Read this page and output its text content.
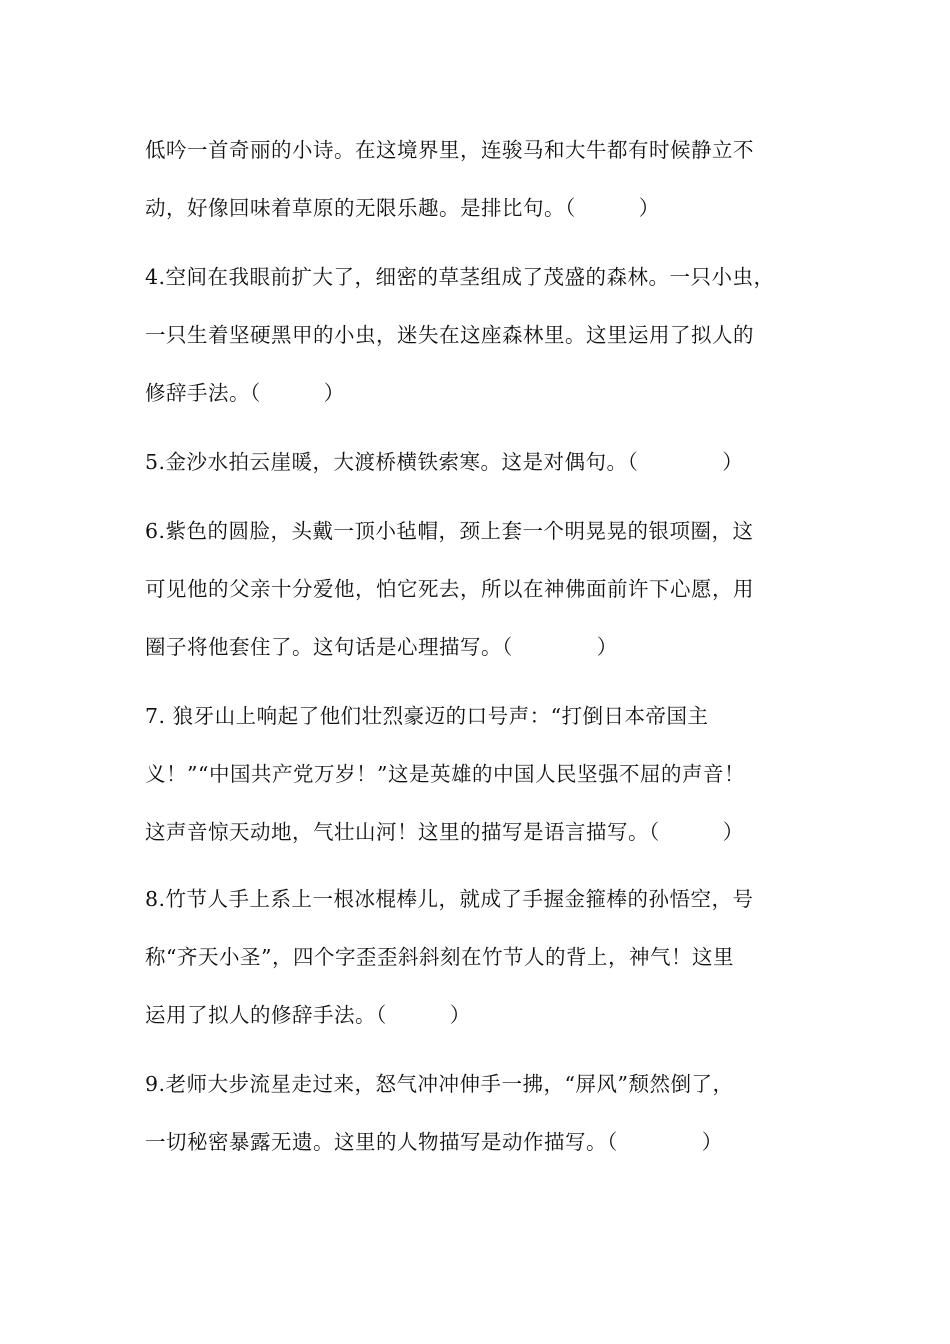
低吟一首奇丽的小诗。在这境界里，连骏马和大牛都有时候静立不
动，好像回味着草原的无限乐趣。是排比句。（　　　）
4.空间在我眼前扩大了，细密的草茎组成了茂盛的森林。一只小虫，
一只生着坚硬黑甲的小虫，迷失在这座森林里。这里运用了拟人的
修辞手法。（　　　）
5.金沙水拍云崖暖，大渡桥横铁索寒。这是对偶句。（　　　　）
6.紫色的圆脸，头戴一顶小毡帽，颈上套一个明晃晃的银项圈，这
可见他的父亲十分爱他，怕它死去，所以在神佛面前许下心愿，用
圈子将他套住了。这句话是心理描写。（　　　　）
7. 狼牙山上响起了他们壮烈豪迈的口号声：“打倒日本帝国主
义！”“中国共产党万岁！”这是英雄的中国人民坚强不屈的声音！
这声音惊天动地，气壮山河！这里的描写是语言描写。（　　　）
8.竹节人手上系上一根冰棍棒儿，就成了手握金箍棒的孙悟空，号
称“齐天小圣”，四个字歪歪斜斜刻在竹节人的背上，神气！这里
运用了拟人的修辞手法。（　　　）
9.老师大步流星走过来，怒气冲冲伸手一拂，“屏风”颓然倒了，
一切秘密暴露无遗。这里的人物描写是动作描写。（　　　　）
